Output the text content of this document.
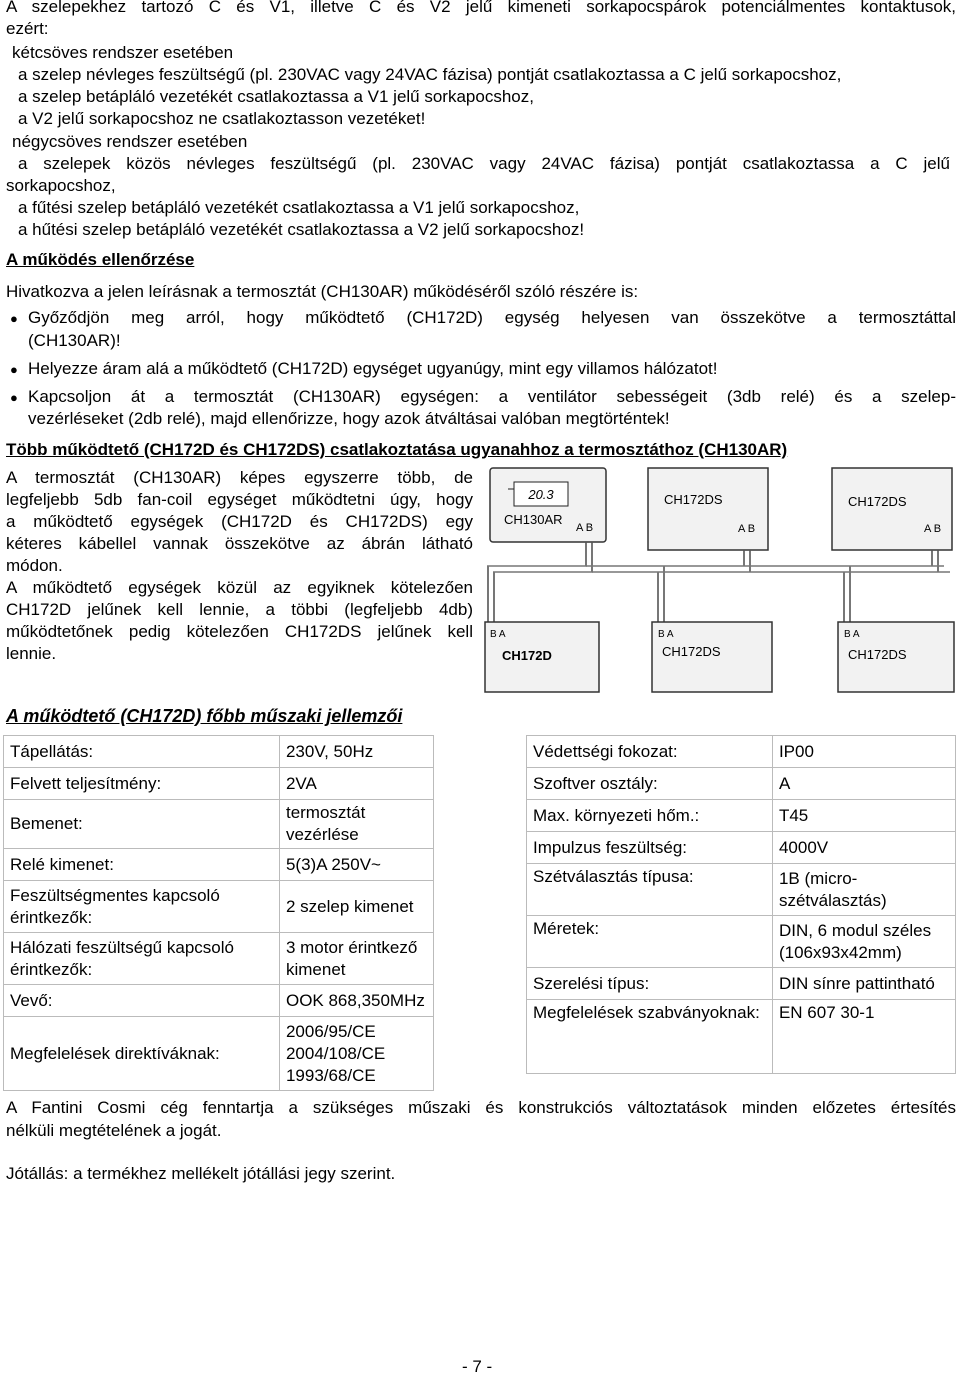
A szelepekhez tartozó C és V1, illetve C és V2 jelű kimeneti sorkapocspárok potenciálmentes kontaktusok,
ezért:
kétcsöves rendszer esetében
a szelep névleges feszültségű (pl. 230VAC vagy 24VAC fázisa) pontját csatlakoztassa a C jelű sorkapocshoz,
a szelep betápláló vezetékét csatlakoztassa a V1 jelű sorkapocshoz,
a V2 jelű sorkapocshoz ne csatlakoztasson vezetéket!
négycsöves rendszer esetében
a szelepek közös névleges feszültségű (pl. 230VAC vagy 24VAC fázisa) pontját csatlakoztassa a C jelű
sorkapocshoz,
a fűtési szelep betápláló vezetékét csatlakoztassa a V1 jelű sorkapocshoz,
a hűtési szelep betápláló vezetékét csatlakoztassa a V2 jelű sorkapocshoz!
A működés ellenőrzése
Hivatkozva a jelen leírásnak a termosztát (CH130AR) működéséről szóló részére is:
● Győződjön meg arról, hogy működtető (CH172D) egység helyesen van összekötve a termosztáttal
(CH130AR)!
● Helyezze áram alá a működtető (CH172D) egységet ugyanúgy, mint egy villamos hálózatot!
● Kapcsoljon át a termosztát (CH130AR) egységen: a ventilátor sebességeit (3db relé) és a szelep-
vezérléseket (2db relé), majd ellenőrizze, hogy azok átváltásai valóban megtörténtek!
Több működtető (CH172D és CH172DS) csatlakoztatása ugyanahhoz a termosztáthoz (CH130AR)
A termosztát (CH130AR) képes egyszerre több, de
legfeljebb 5db fan-coil egységet működtetni úgy, hogy
a működtető egységek (CH172D és CH172DS) egy
kéteres kábellel vannak összekötve az ábrán látható
módon.
A működtető egységek közül az egyiknek kötelezően
CH172D jelűnek kell lennie, a többi (legfeljebb 4db)
működtetőnek pedig kötelezően CH172DS jelűnek kell
lennie.
20.3
CH130AR
A B
CH172DS
A B
CH172DS
A B
B A
CH172D
B A
CH172DS
B A
CH172DS
A működtető (CH172D) főbb műszaki jellemzői
Tápellátás:	230V, 50Hz
Felvett teljesítmény:	2VA
Bemenet:	termosztát vezérlése
Relé kimenet:	5(3)A 250V~
Feszültségmentes kapcsoló érintkezők:	2 szelep kimenet
Hálózati feszültségű kapcsoló érintkezők:	3 motor érintkező kimenet
Vevő:	OOK 868,350MHz
Megfelelések direktíváknak:	2006/95/CE 2004/108/CE 1993/68/CE
Védettségi fokozat:	IP00
Szoftver osztály:	A
Max. környezeti hőm.:	T45
Impulzus feszültség:	4000V
Szétválasztás típusa:	1B (micro-szétválasztás)
Méretek:	DIN, 6 modul széles (106x93x42mm)
Szerelési típus:	DIN sínre pattintható
Megfelelések szabványoknak:	EN 607 30-1
A Fantini Cosmi cég fenntartja a szükséges műszaki és konstrukciós változtatások minden előzetes értesítés
nélküli megtételének a jogát.
Jótállás: a termékhez mellékelt jótállási jegy szerint.
- 7 -
